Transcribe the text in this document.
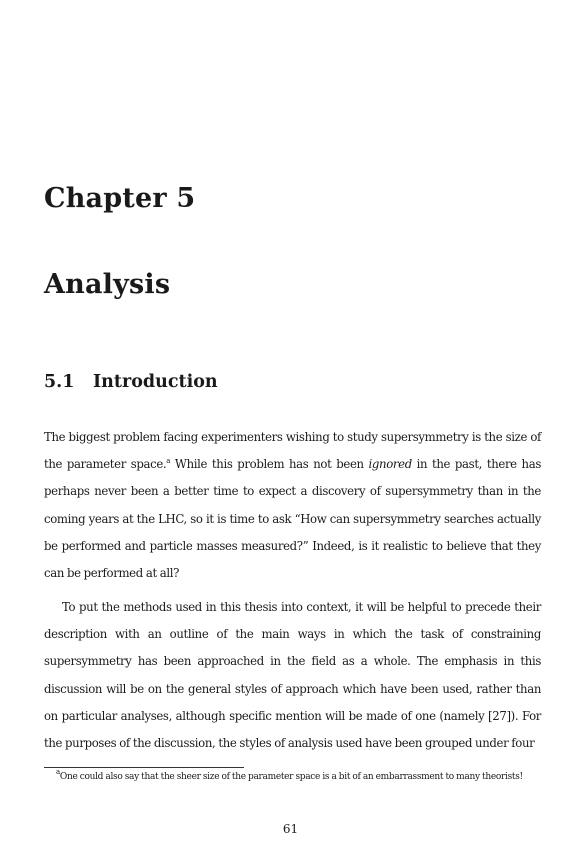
Chapter 5
Analysis
5.1 Introduction

The biggest problem facing experimenters wishing to study supersymmetry is the size of the parameter space.$^a$ While this problem has not been ignored in the past, there has perhaps never been a better time to expect a discovery of supersymmetry than in the coming years at the LHC, so it is time to ask “How can supersymmetry searches actually be performed and particle masses measured?” Indeed, is it realistic to believe that they can be performed at all?

To put the methods used in this thesis into context, it will be helpful to precede their description with an outline of the main ways in which the task of constraining supersymmetry has been approached in the field as a whole. The emphasis in this discussion will be on the general styles of approach which have been used, rather than on particular analyses, although specific mention will be made of one (namely [27]). For the purposes of the discussion, the styles of analysis used have been grouped under four

$^a$One could also say that the sheer size of the parameter space is a bit of an embarrassment to many theorists!

61
